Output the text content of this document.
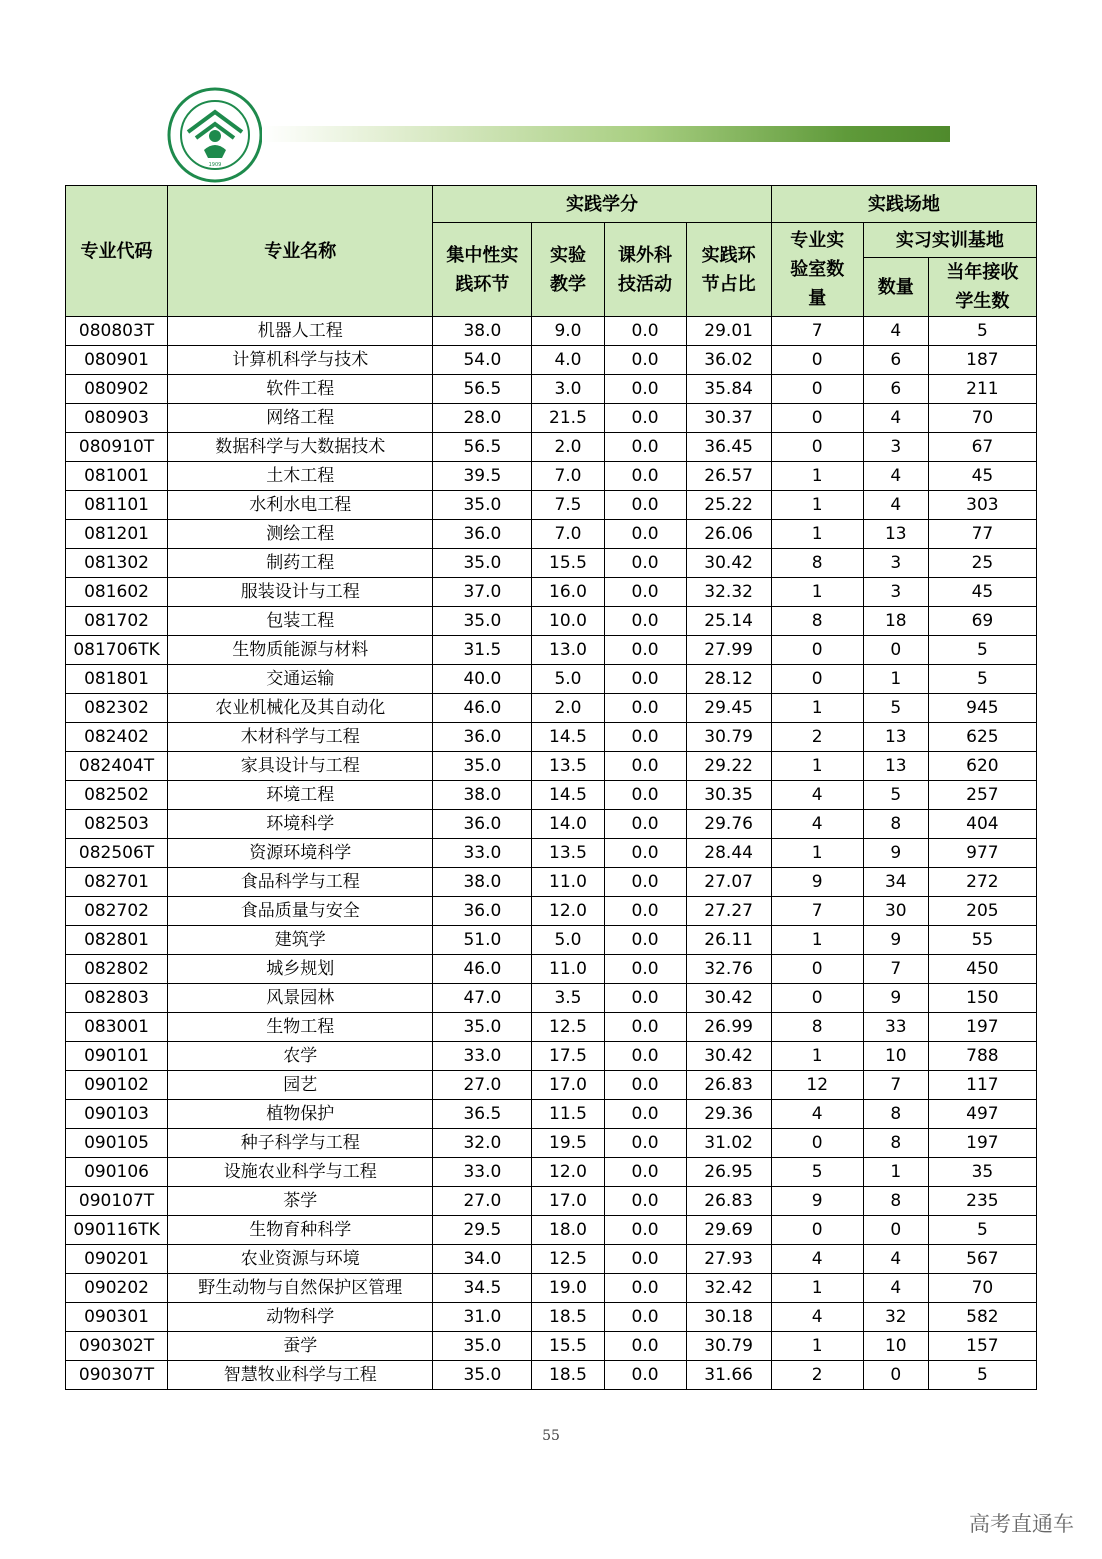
1909
专业代码	专业名称	实践学分				实践场地		
		集中性实践环节	实验教学	课外科技活动	实践环节占比	专业实验室数量	实习实训基地	
							数量	当年接收学生数
080803T	机器人工程	38.0	9.0	0.0	29.01	7	4	5
080901	计算机科学与技术	54.0	4.0	0.0	36.02	0	6	187
080902	软件工程	56.5	3.0	0.0	35.84	0	6	211
080903	网络工程	28.0	21.5	0.0	30.37	0	4	70
080910T	数据科学与大数据技术	56.5	2.0	0.0	36.45	0	3	67
081001	土木工程	39.5	7.0	0.0	26.57	1	4	45
081101	水利水电工程	35.0	7.5	0.0	25.22	1	4	303
081201	测绘工程	36.0	7.0	0.0	26.06	1	13	77
081302	制药工程	35.0	15.5	0.0	30.42	8	3	25
081602	服装设计与工程	37.0	16.0	0.0	32.32	1	3	45
081702	包装工程	35.0	10.0	0.0	25.14	8	18	69
081706TK	生物质能源与材料	31.5	13.0	0.0	27.99	0	0	5
081801	交通运输	40.0	5.0	0.0	28.12	0	1	5
082302	农业机械化及其自动化	46.0	2.0	0.0	29.45	1	5	945
082402	木材科学与工程	36.0	14.5	0.0	30.79	2	13	625
082404T	家具设计与工程	35.0	13.5	0.0	29.22	1	13	620
082502	环境工程	38.0	14.5	0.0	30.35	4	5	257
082503	环境科学	36.0	14.0	0.0	29.76	4	8	404
082506T	资源环境科学	33.0	13.5	0.0	28.44	1	9	977
082701	食品科学与工程	38.0	11.0	0.0	27.07	9	34	272
082702	食品质量与安全	36.0	12.0	0.0	27.27	7	30	205
082801	建筑学	51.0	5.0	0.0	26.11	1	9	55
082802	城乡规划	46.0	11.0	0.0	32.76	0	7	450
082803	风景园林	47.0	3.5	0.0	30.42	0	9	150
083001	生物工程	35.0	12.5	0.0	26.99	8	33	197
090101	农学	33.0	17.5	0.0	30.42	1	10	788
090102	园艺	27.0	17.0	0.0	26.83	12	7	117
090103	植物保护	36.5	11.5	0.0	29.36	4	8	497
090105	种子科学与工程	32.0	19.5	0.0	31.02	0	8	197
090106	设施农业科学与工程	33.0	12.0	0.0	26.95	5	1	35
090107T	茶学	27.0	17.0	0.0	26.83	9	8	235
090116TK	生物育种科学	29.5	18.0	0.0	29.69	0	0	5
090201	农业资源与环境	34.0	12.5	0.0	27.93	4	4	567
090202	野生动物与自然保护区管理	34.5	19.0	0.0	32.42	1	4	70
090301	动物科学	31.0	18.5	0.0	30.18	4	32	582
090302T	蚕学	35.0	15.5	0.0	30.79	1	10	157
090307T	智慧牧业科学与工程	35.0	18.5	0.0	31.66	2	0	5
55
高考直通车
